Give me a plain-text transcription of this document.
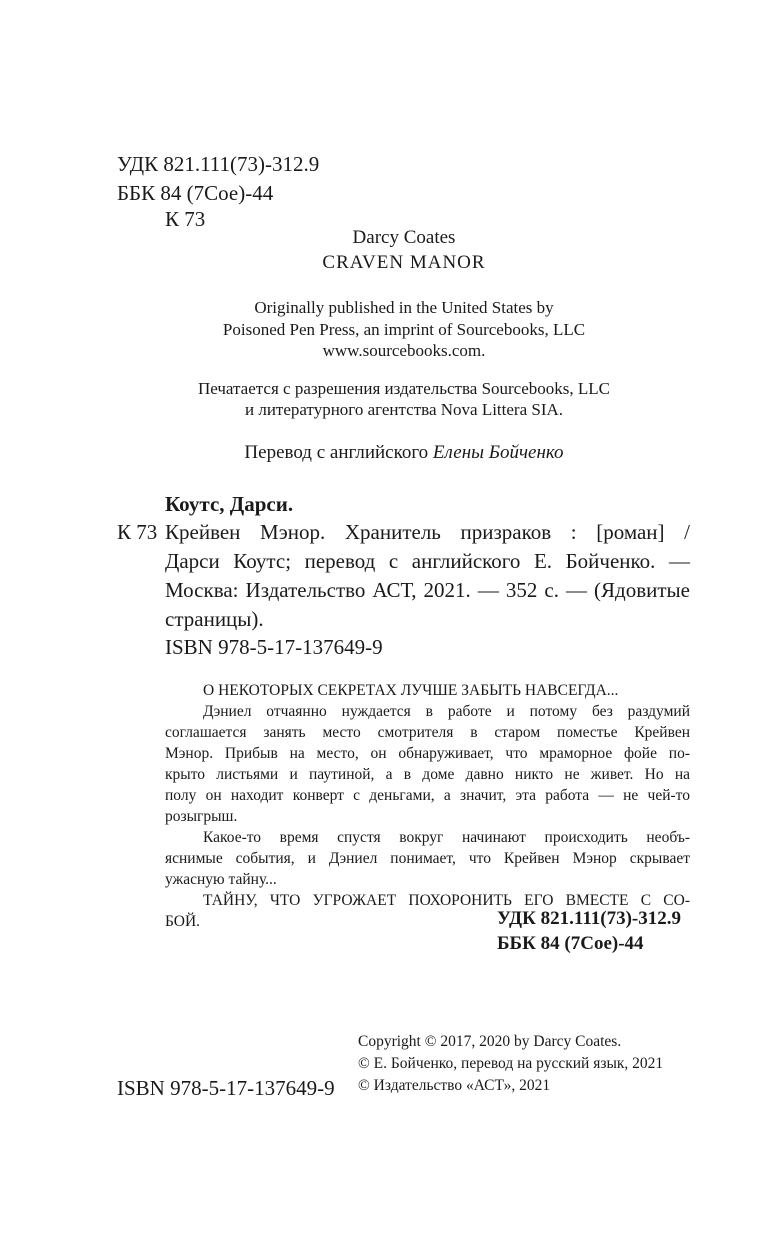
УДК 821.111(73)-312.9
ББК 84 (7Сое)-44
К 73
Darcy Coates
CRAVEN MANOR
Originally published in the United States by
Poisoned Pen Press, an imprint of Sourcebooks, LLC
www.sourcebooks.com.
Печатается с разрешения издательства Sourcebooks, LLC
и литературного агентства Nova Littera SIA.
Перевод с английского Елены Бойченко
Коутс, Дарси.
К 73 Крейвен Мэнор. Хранитель призраков : [роман] /
Дарси Коутс; перевод с английского Е. Бойченко. —
Москва: Издательство АСТ, 2021. — 352 с. — (Ядовитые
страницы).
ISBN 978-5-17-137649-9
О НЕКОТОРЫХ СЕКРЕТАХ ЛУЧШЕ ЗАБЫТЬ НАВСЕГДА...
Дэниел отчаянно нуждается в работе и потому без раздумий
соглашается занять место смотрителя в старом поместье Крейвен
Мэнор. Прибыв на место, он обнаруживает, что мраморное фойе по-
крыто листьями и паутиной, а в доме давно никто не живет. Но на
полу он находит конверт с деньгами, а значит, эта работа — не чей-то
розыгрыш.
Какое-то время спустя вокруг начинают происходить необъ-
яснимые события, и Дэниел понимает, что Крейвен Мэнор скрывает
ужасную тайну...
ТАЙНУ, ЧТО УГРОЖАЕТ ПОХОРОНИТЬ ЕГО ВМЕСТЕ С СО-
БОЙ.	УДК 821.111(73)-312.9
ББК 84 (7Сое)-44
ISBN 978-5-17-137649-9
Copyright © 2017, 2020 by Darcy Coates.
© Е. Бойченко, перевод на русский язык, 2021
© Издательство «АСТ», 2021
